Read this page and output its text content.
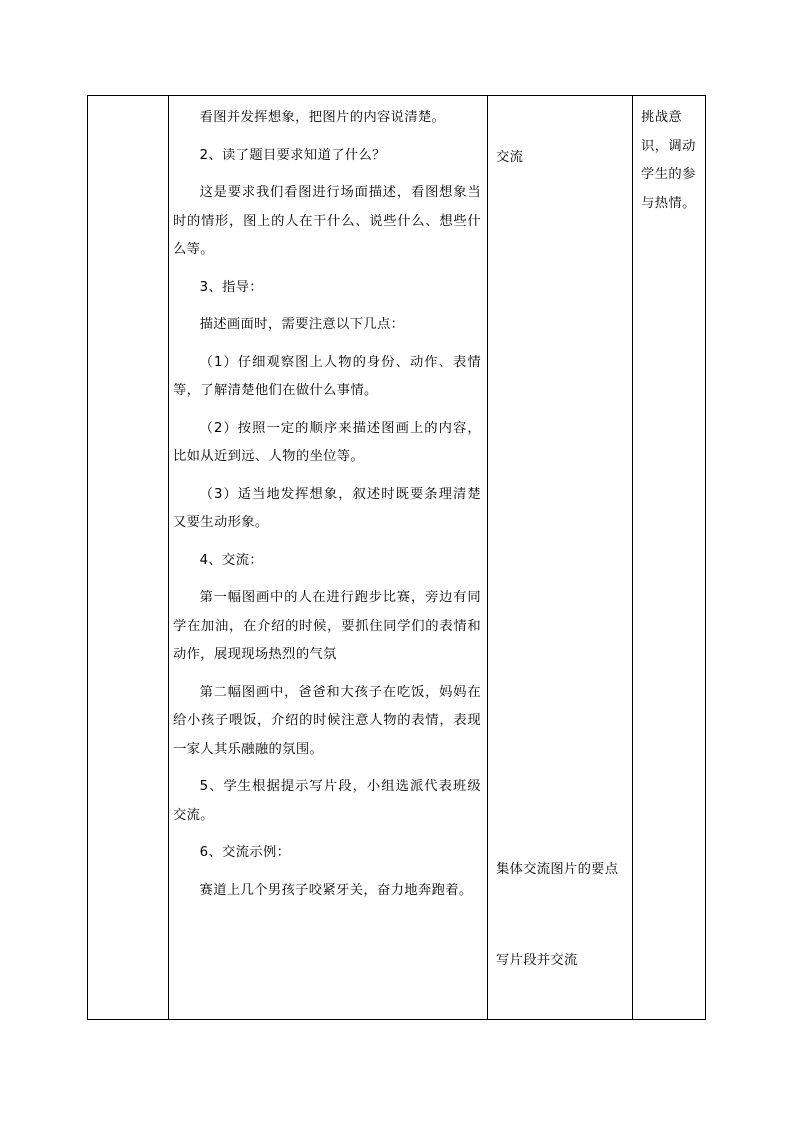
看图并发挥想象，把图片的内容说清楚。

2、读了题目要求知道了什么？

这是要求我们看图进行场面描述，看图想象当时的情形，图上的人在干什么、说些什么、想些什么等。

3、指导：

描述画面时，需要注意以下几点：

（1）仔细观察图上人物的身份、动作、表情等，了解清楚他们在做什么事情。

（2）按照一定的顺序来描述图画上的内容，比如从近到远、人物的坐位等。

（3）适当地发挥想象，叙述时既要条理清楚又要生动形象。

4、交流：

第一幅图画中的人在进行跑步比赛，旁边有同学在加油，在介绍的时候，要抓住同学们的表情和动作，展现现场热烈的气氛

第二幅图画中，爸爸和大孩子在吃饭，妈妈在给小孩子喂饭，介绍的时候注意人物的表情，表现一家人其乐融融的氛围。

5、学生根据提示写片段，小组选派代表班级交流。

6、交流示例：

赛道上几个男孩子咬紧牙关，奋力地奔跑着。

交流
集体交流图片的要点
写片段并交流
挑战意识，调动学生的参与热情。
